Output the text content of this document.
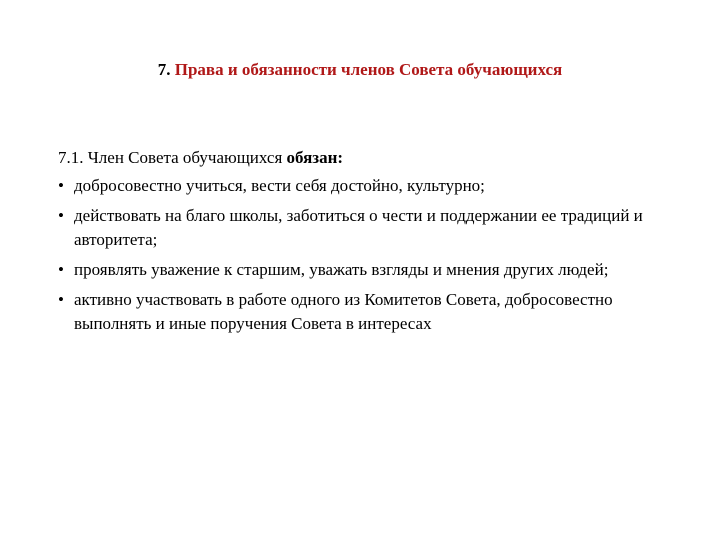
7. Права и обязанности членов Совета обучающихся

7.1. Член Совета обучающихся обязан:

• добросовестно учиться, вести себя достойно, культурно;
• действовать на благо школы, заботиться о чести и поддержании ее традиций и авторитета;
• проявлять уважение к старшим, уважать взгляды и мнения других людей;
• активно участвовать в работе одного из Комитетов Совета, добросовестно выполнять и иные поручения Совета в интересах
